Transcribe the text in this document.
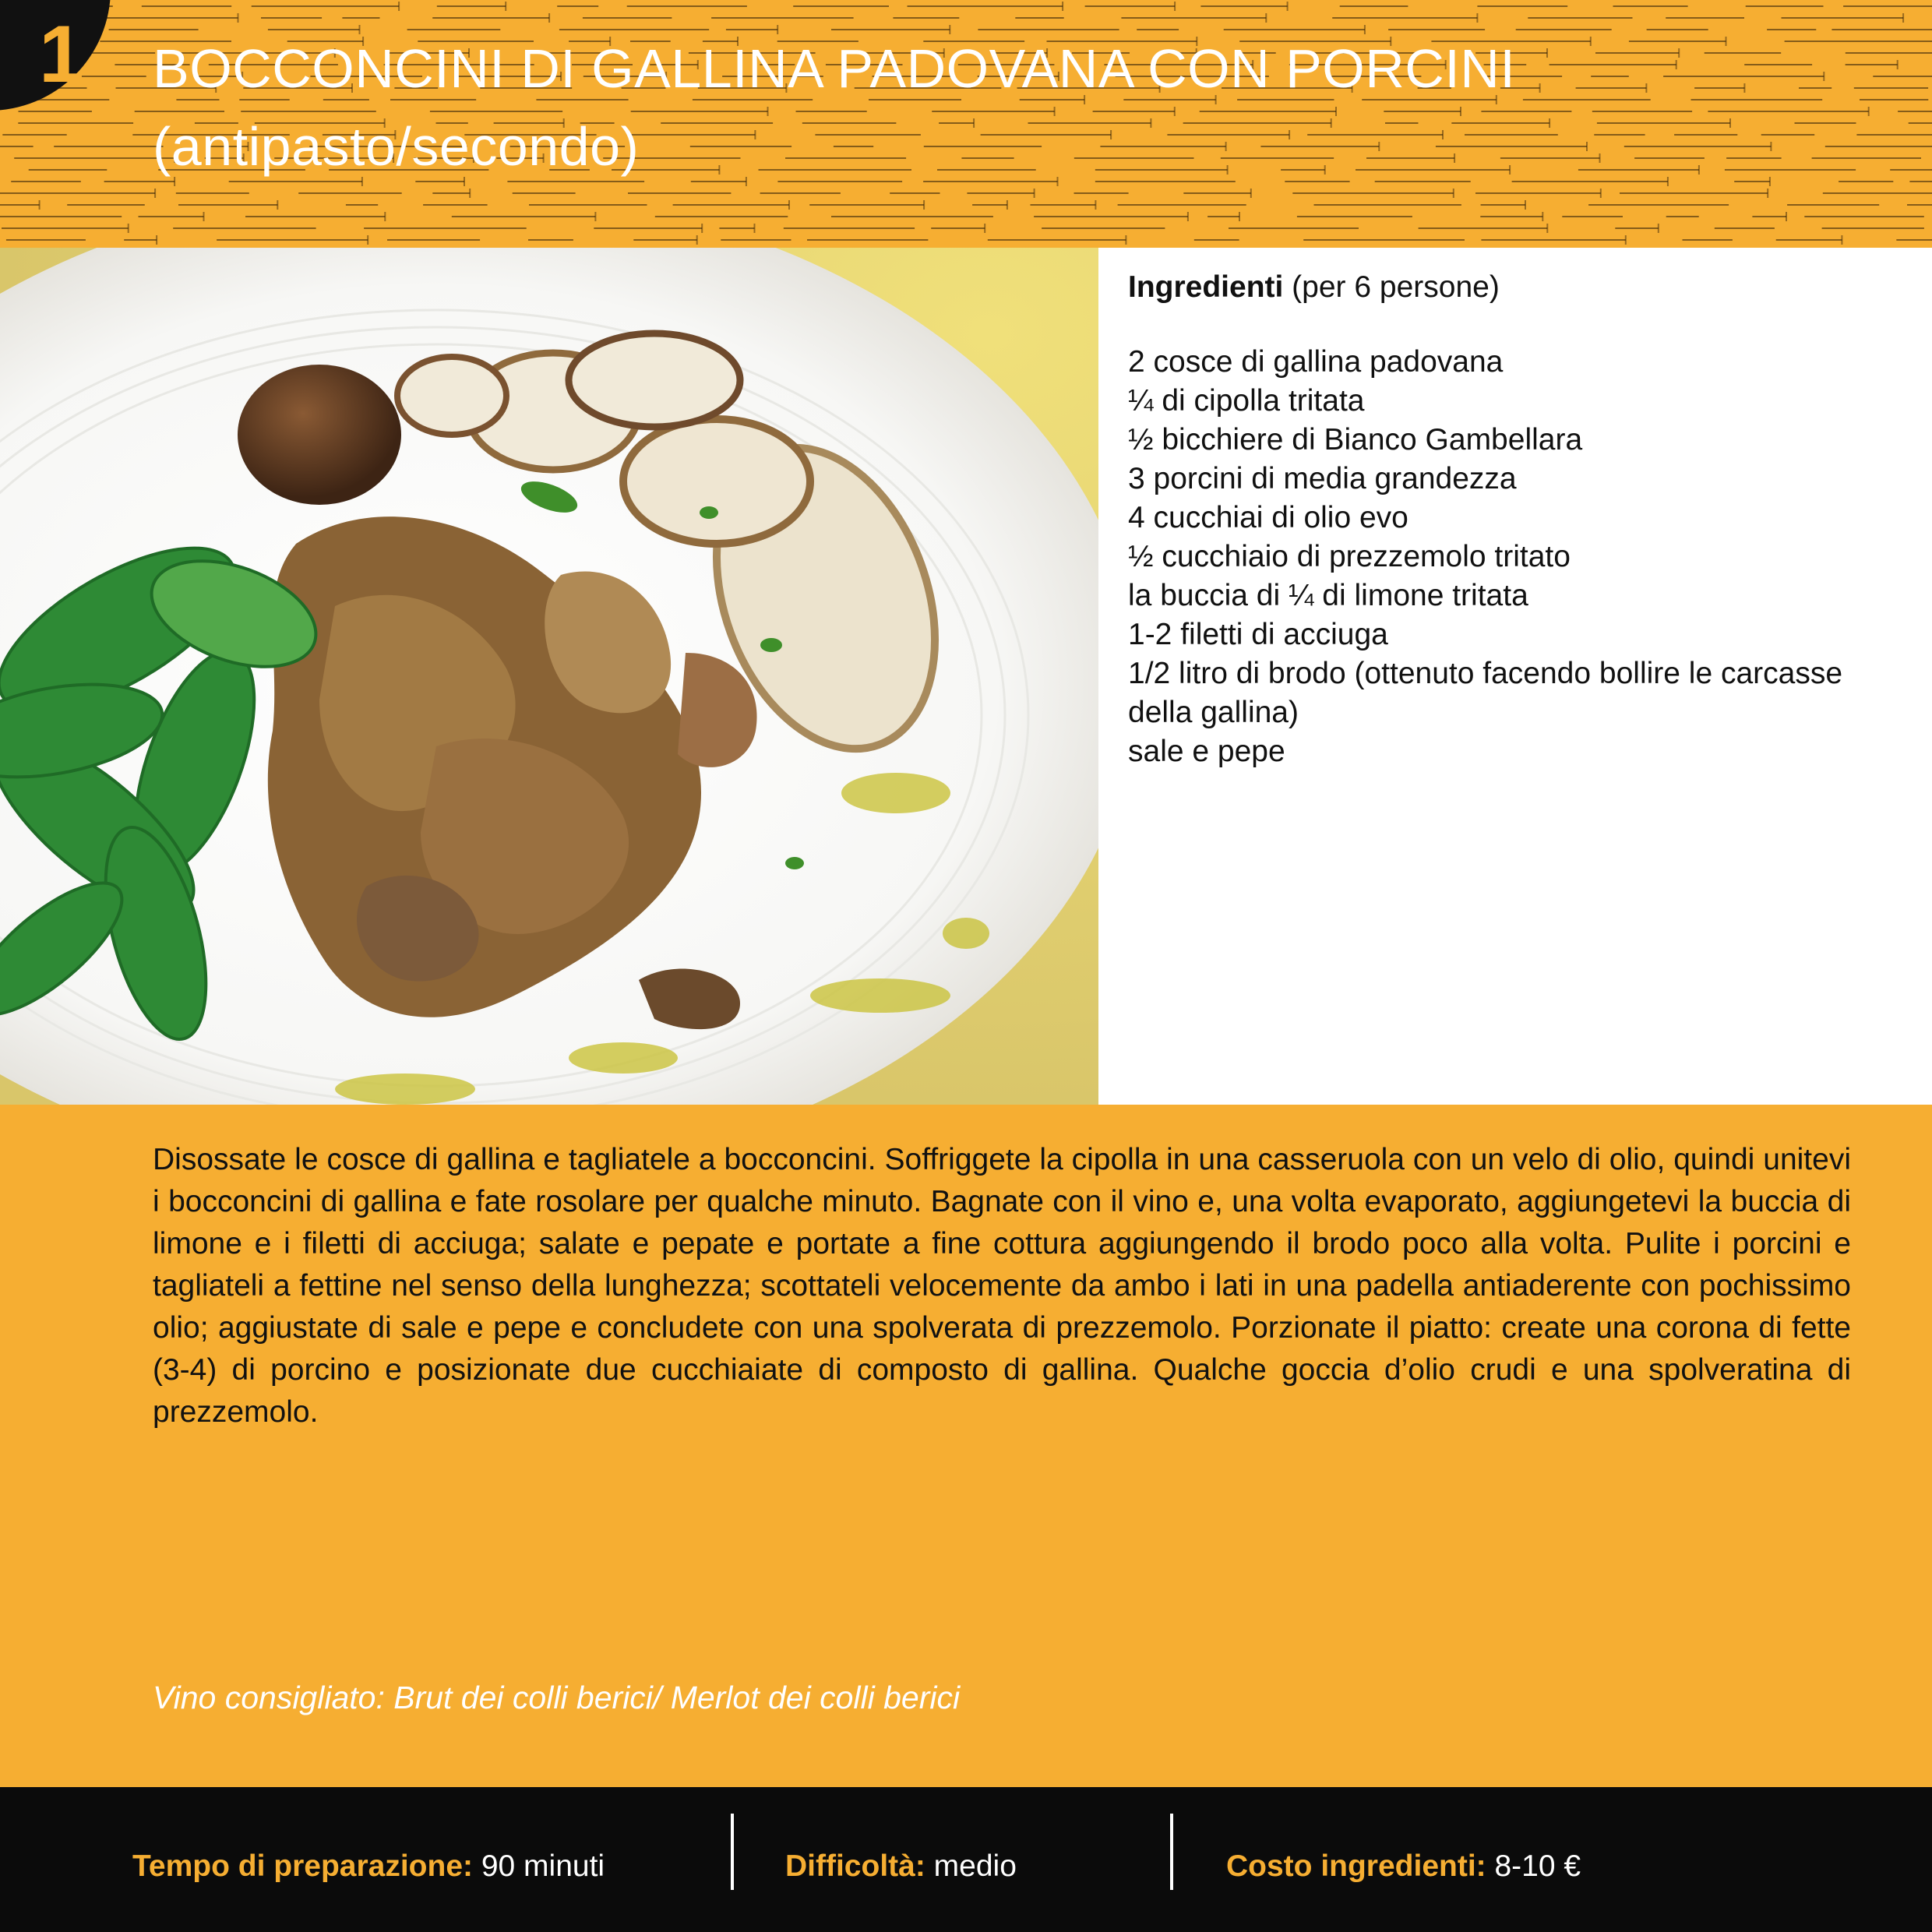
1 BOCCONCINI DI GALLINA PADOVANA CON PORCINI
(antipasto/secondo)
Ingredienti (per 6 persone)
2 cosce di gallina padovana
¼ di cipolla tritata
½ bicchiere di Bianco Gambellara
3 porcini di media grandezza
4 cucchiai di olio evo
½ cucchiaio di prezzemolo tritato
la buccia di ¼ di limone tritata
1-2 filetti di acciuga
1/2 litro di brodo (ottenuto facendo bollire le carcasse della gallina)
sale e pepe
Disossate le cosce di gallina e tagliatele a bocconcini. Soffriggete la cipolla in una casseruola con un velo di olio, quindi unitevi i bocconcini di gallina e fate rosolare per qualche minuto. Bagnate con il vino e, una volta evaporato, aggiungetevi la buccia di limone e i filetti di acciuga; salate e pepate e portate a fine cottura aggiungendo il brodo poco alla volta. Pulite i porcini e tagliateli a fettine nel senso della lunghezza; scottateli velocemente da ambo i lati in una padella antiaderente con pochissimo olio; aggiustate di sale e pepe e concludete con una spolverata di prezzemolo. Porzionate il piatto: create una corona di fette (3-4) di porcino e posizionate due cucchiaiate di composto di gallina. Qualche goccia d’olio crudi e una spolveratina di prezzemolo.
Vino consigliato: Brut dei colli berici/ Merlot dei colli berici
Tempo di preparazione: 90 minuti	Difficoltà: medio	Costo ingredienti: 8-10 €
